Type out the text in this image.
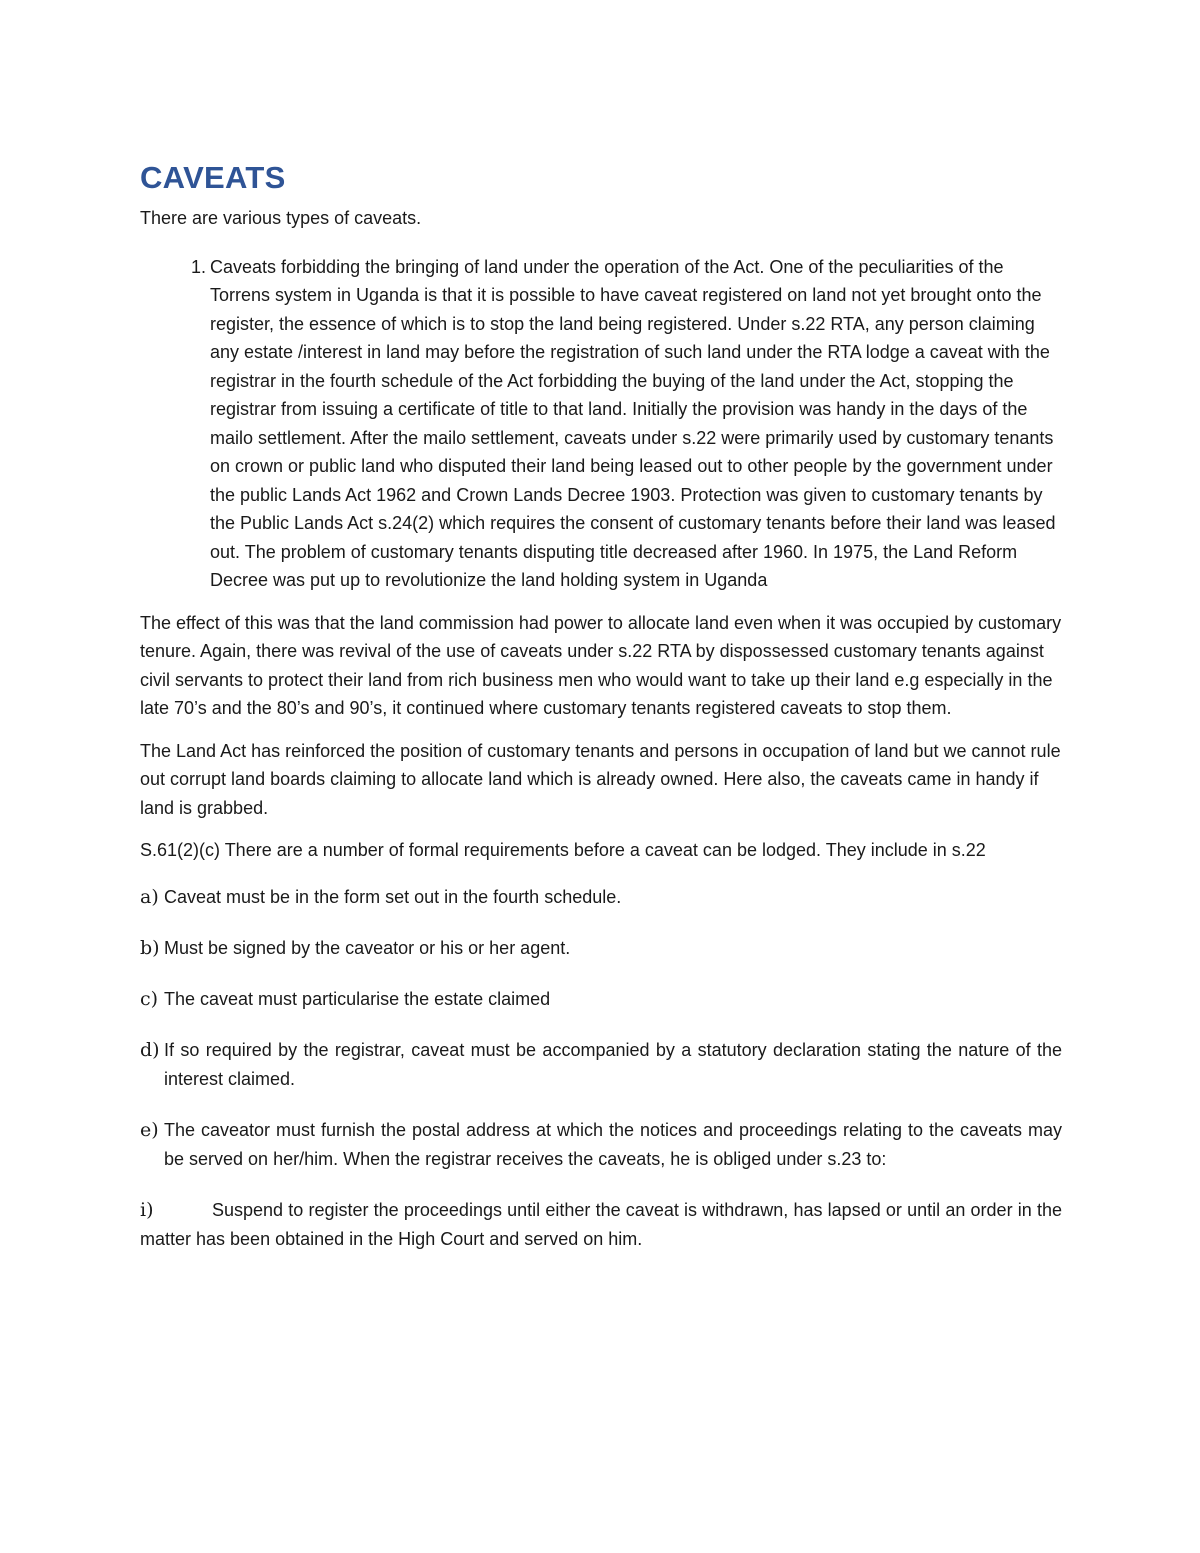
CAVEATS

There are various types of caveats.

1. Caveats forbidding the bringing of land under the operation of the Act. One of the peculiarities of the Torrens system in Uganda is that it is possible to have caveat registered on land not yet brought onto the register, the essence of which is to stop the land being registered. Under s.22 RTA, any person claiming any estate /interest in land may before the registration of such land under the RTA lodge a caveat with the registrar in the fourth schedule of the Act forbidding the buying of the land under the Act, stopping the registrar from issuing a certificate of title to that land. Initially the provision was handy in the days of the mailo settlement. After the mailo settlement, caveats under s.22 were primarily used by customary tenants on crown or public land who disputed their land being leased out to other people by the government under the public Lands Act 1962 and Crown Lands Decree 1903. Protection was given to customary tenants by the Public Lands Act s.24(2) which requires the consent of customary tenants before their land was leased out. The problem of customary tenants disputing title decreased after 1960. In 1975, the Land Reform Decree was put up to revolutionize the land holding system in Uganda

The effect of this was that the land commission had power to allocate land even when it was occupied by customary tenure. Again, there was revival of the use of caveats under s.22 RTA by dispossessed customary tenants against civil servants to protect their land from rich business men who would want to take up their land e.g especially in the late 70’s and the 80’s and 90’s, it continued where customary tenants registered caveats to stop them.

The Land Act has reinforced the position of customary tenants and persons in occupation of land but we cannot rule out corrupt land boards claiming to allocate land which is already owned. Here also, the caveats came in handy if land is grabbed.

S.61(2)(c) There are a number of formal requirements before a caveat can be lodged. They include in s.22

a) Caveat must be in the form set out in the fourth schedule.
b) Must be signed by the caveator or his or her agent.
c) The caveat must particularise the estate claimed
d) If so required by the registrar, caveat must be accompanied by a statutory declaration stating the nature of the interest claimed.
e) The caveator must furnish the postal address at which the notices and proceedings relating to the caveats may be served on her/him. When the registrar receives the caveats, he is obliged under s.23 to:

i)	Suspend to register the proceedings until either the caveat is withdrawn, has lapsed or until an order in the matter has been obtained in the High Court and served on him.
